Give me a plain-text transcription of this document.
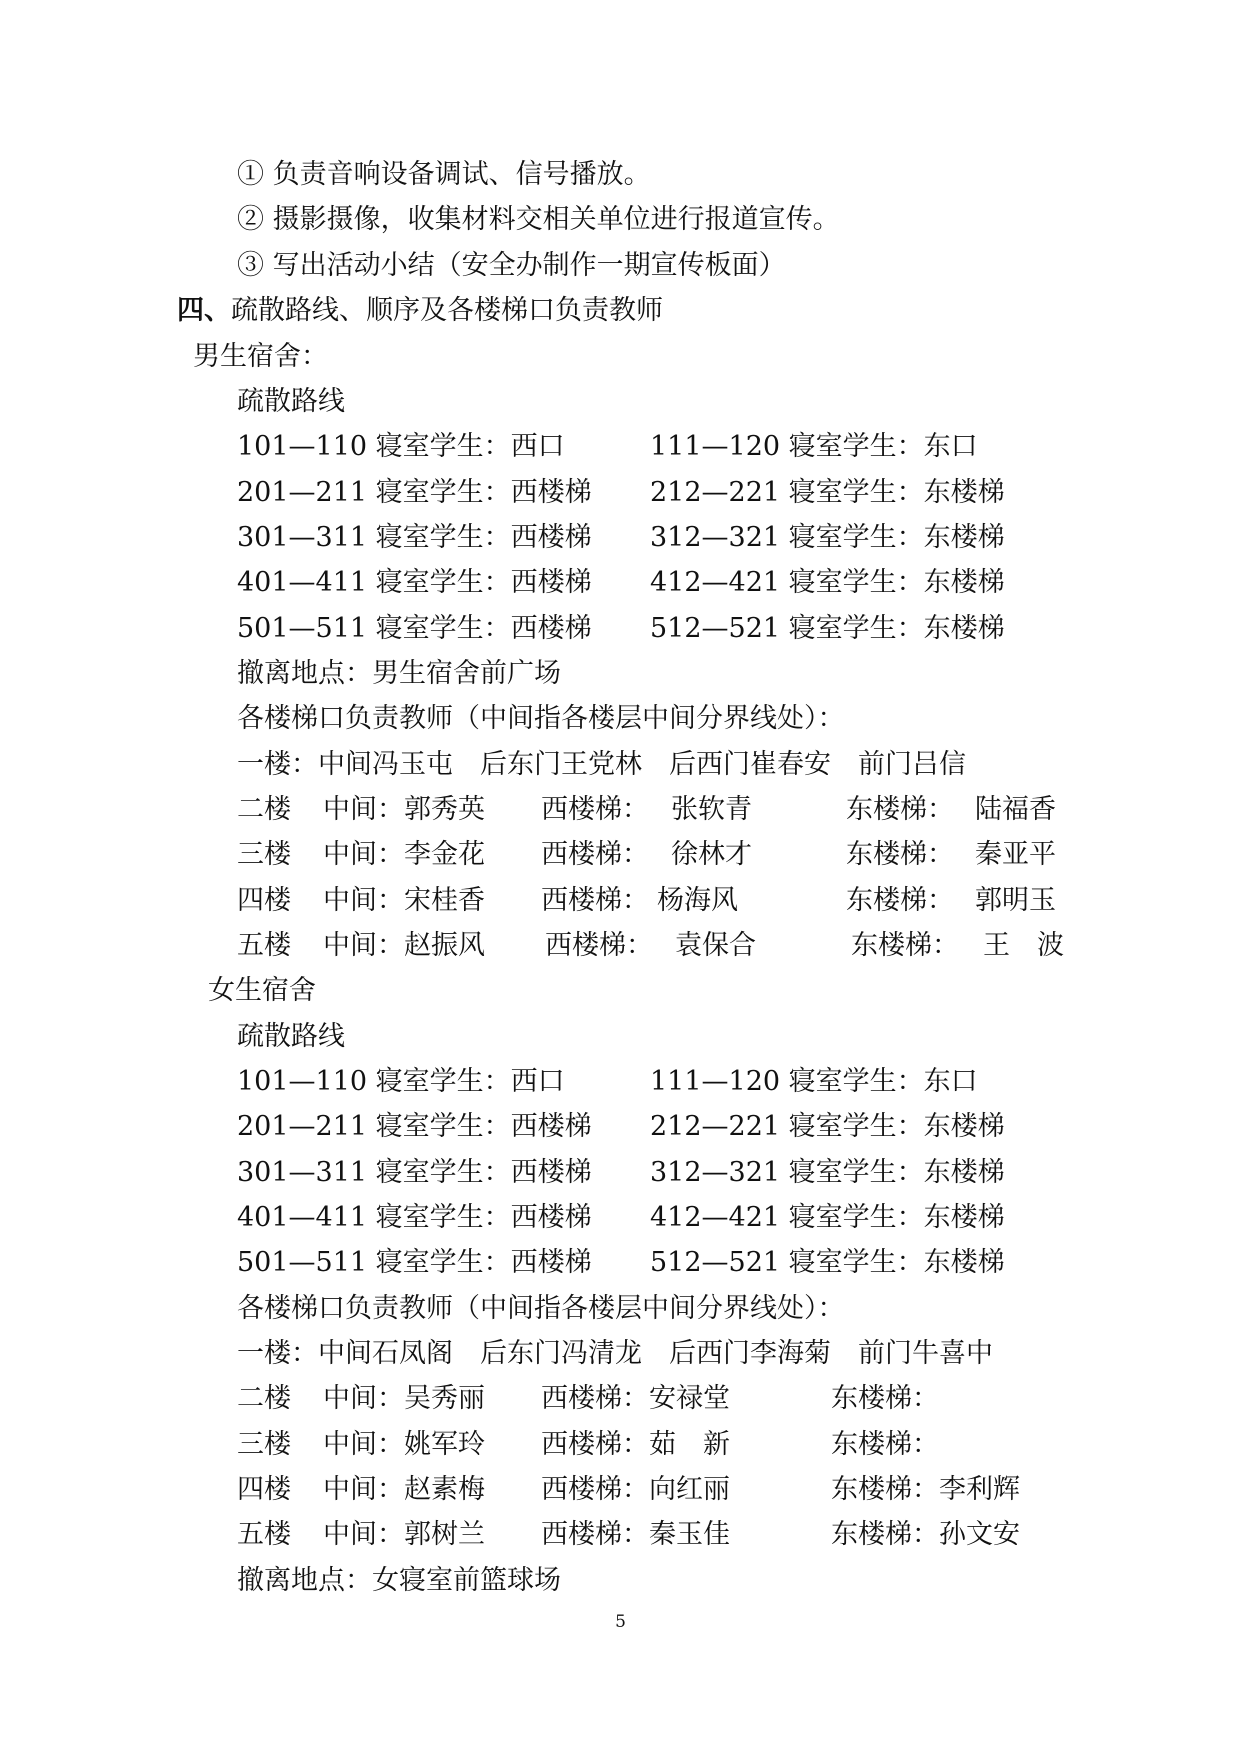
① 负责音响设备调试、信号播放。
② 摄影摄像，收集材料交相关单位进行报道宣传。
③ 写出活动小结（安全办制作一期宣传板面）
四、疏散路线、顺序及各楼梯口负责教师
男生宿舍：
疏散路线
101—110 寝室学生：西口	111—120 寝室学生：东口
201—211 寝室学生：西楼梯 212—221 寝室学生：东楼梯
301—311 寝室学生：西楼梯 312—321 寝室学生：东楼梯
401—411 寝室学生：西楼梯 412—421 寝室学生：东楼梯
501—511 寝室学生：西楼梯 512—521 寝室学生：东楼梯
撤离地点：男生宿舍前广场
各楼梯口负责教师（中间指各楼层中间分界线处）：
一楼：中间冯玉屯　后东门王党林　后西门崔春安　前门吕信
二楼 中间：郭秀英 西楼梯： 张软青	东楼梯： 陆福香
三楼 中间：李金花 西楼梯： 徐林才	东楼梯： 秦亚平
四楼 中间：宋桂香 西楼梯： 杨海风	东楼梯： 郭明玉
五楼 中间：赵振风 西楼梯： 袁保合	东楼梯： 王　波
女生宿舍
疏散路线
101—110 寝室学生：西口	111—120 寝室学生：东口
201—211 寝室学生：西楼梯 212—221 寝室学生：东楼梯
301—311 寝室学生：西楼梯 312—321 寝室学生：东楼梯
401—411 寝室学生：西楼梯 412—421 寝室学生：东楼梯
501—511 寝室学生：西楼梯 512—521 寝室学生：东楼梯
各楼梯口负责教师（中间指各楼层中间分界线处）：
一楼：中间石凤阁　后东门冯清龙　后西门李海菊　前门牛喜中
二楼 中间：吴秀丽 西楼梯：安禄堂	东楼梯：
三楼 中间：姚军玲 西楼梯：茹　新	东楼梯：
四楼 中间：赵素梅 西楼梯：向红丽	东楼梯：李利辉
五楼 中间：郭树兰 西楼梯：秦玉佳	东楼梯：孙文安
撤离地点：女寝室前篮球场
5
